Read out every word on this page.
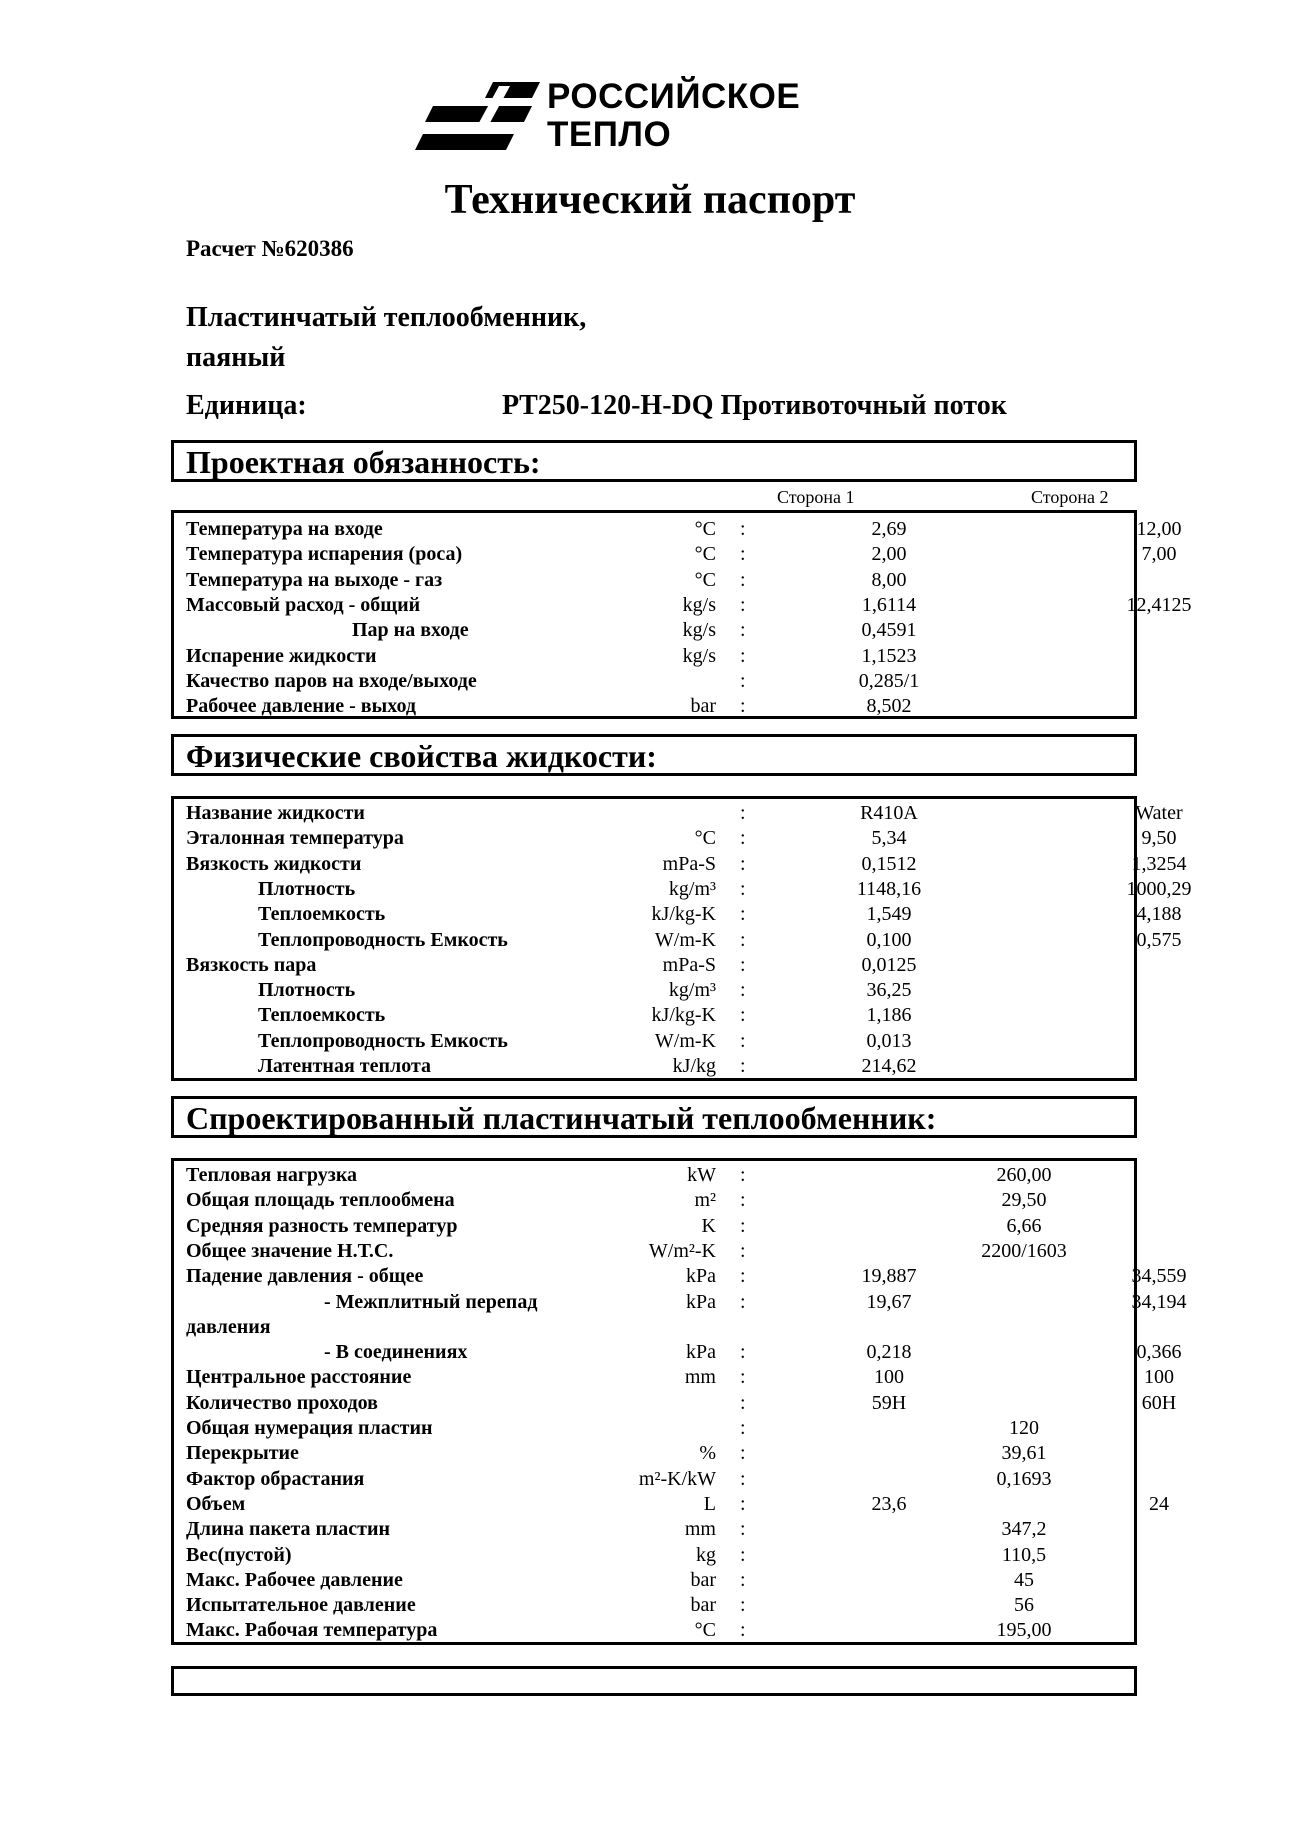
РОССИЙСКОЕ
ТЕПЛО
Технический паспорт
Расчет №620386
Пластинчатый теплообменник,
паяный
Единица:	PT250-120-H-DQ Противоточный поток
Проектная обязанность:
Сторона 1	Сторона 2
Температура на входе	°C :	2,69	12,00
Температура испарения (роса)	°C :	2,00	7,00
Температура на выходе - газ	°C :	8,00
Массовый расход - общий	kg/s :	1,6114	12,4125
Пар на входе	kg/s :	0,4591
Испарение жидкости	kg/s :	1,1523
Качество паров на входе/выходе	:	0,285/1
Рабочее давление - выход	bar :	8,502
Физические свойства жидкости:
Название жидкости	:	R410A	Water
Эталонная температура	°C :	5,34	9,50
Вязкость жидкости	mPa-S :	0,1512	1,3254
Плотность	kg/m³ :	1148,16	1000,29
Теплоемкость	kJ/kg-K :	1,549	4,188
Теплопроводность Емкость	W/m-K :	0,100	0,575
Вязкость пара	mPa-S :	0,0125
Плотность	kg/m³ :	36,25
Теплоемкость	kJ/kg-K :	1,186
Теплопроводность Емкость	W/m-K :	0,013
Латентная теплота	kJ/kg :	214,62
Спроектированный пластинчатый теплообменник:
Тепловая нагрузка	kW :	260,00
Общая площадь теплообмена	m² :	29,50
Средняя разность температур	K :	6,66
Общее значение Н.Т.С.	W/m²-K :	2200/1603
Падение давления - общее	kPa :	19,887	34,559
- Межплитный перепад	kPa :	19,67	34,194
давления
- В соединениях	kPa :	0,218	0,366
Центральное расстояние	mm :	100	100
Количество проходов	:	59H	60H
Общая нумерация пластин	:	120
Перекрытие	% :	39,61
Фактор обрастания	m²-K/kW :	0,1693
Объем	L :	23,6	24
Длина пакета пластин	mm :	347,2
Вес(пустой)	kg :	110,5
Макс. Рабочее давление	bar :	45
Испытательное давление	bar :	56
Макс. Рабочая температура	°C :	195,00
